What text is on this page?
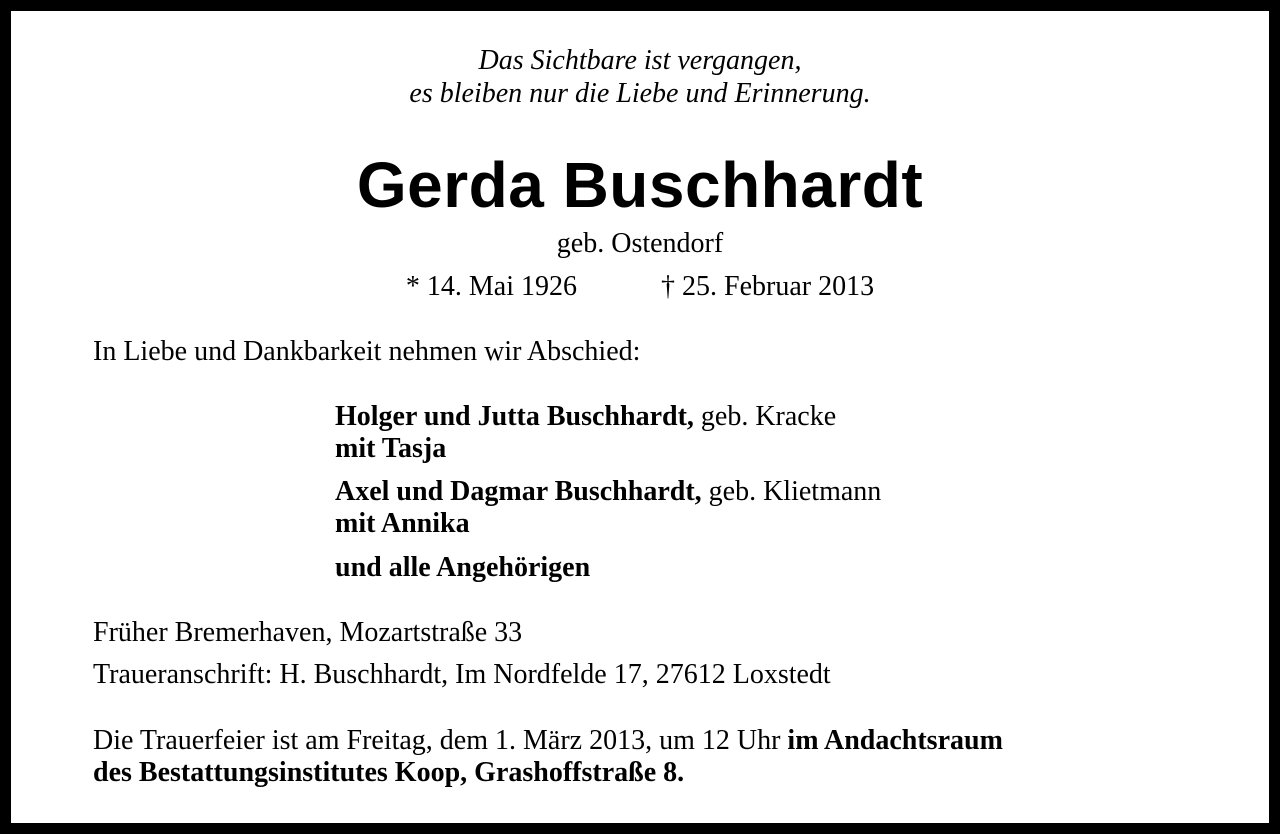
Das Sichtbare ist vergangen,
es bleiben nur die Liebe und Erinnerung.
Gerda Buschhardt
geb. Ostendorf
* 14. Mai 1926	† 25. Februar 2013
In Liebe und Dankbarkeit nehmen wir Abschied:
Holger und Jutta Buschhardt, geb. Kracke
mit Tasja
Axel und Dagmar Buschhardt, geb. Klietmann
mit Annika
und alle Angehörigen
Früher Bremerhaven, Mozartstraße 33
Traueranschrift: H. Buschhardt, Im Nordfelde 17, 27612 Loxstedt
Die Trauerfeier ist am Freitag, dem 1. März 2013, um 12 Uhr im Andachtsraum
des Bestattungsinstitutes Koop, Grashoffstraße 8.
